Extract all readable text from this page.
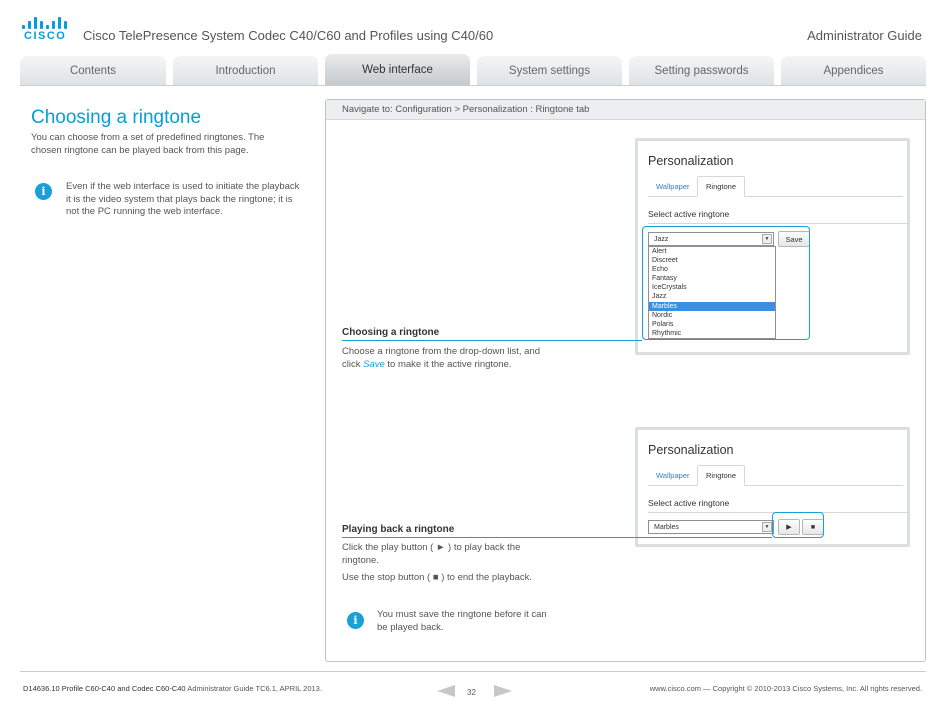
CISCO Cisco TelePresence System Codec C40/C60 and Profiles using C40/60	Administrator Guide
Contents	Introduction	Web interface	System settings	Setting passwords	Appendices
Choosing a ringtone

You can choose from a set of predefined ringtones. The chosen ringtone can be played back from this page.

i	Even if the web interface is used to initiate the playback it is the video system that plays back the ringtone; it is not the PC running the web interface.

Navigate to: Configuration > Personalization : Ringtone tab
Personalization
Wallpaper	Ringtone
Select active ringtone
Jazz	▼	Save
Alert
Discreet
Echo
Fantasy
IceCrystals
Jazz
Marbles
Nordic
Polaris
Rhythmic
Choosing a ringtone

Choose a ringtone from the drop-down list, and click Save to make it the active ringtone.

Personalization
Wallpaper	Ringtone
Select active ringtone
Marbles	▼	▶	■
Playing back a ringtone

Click the play button ( ► ) to play back the ringtone.

Use the stop button ( ■ ) to end the playback.

i	You must save the ringtone before it can be played back.

D14636.10 Profile C60-C40 and Codec C60-C40 Administrator Guide TC6.1, APRIL 2013.	32	www.cisco.com — Copyright © 2010-2013 Cisco Systems, Inc. All rights reserved.
